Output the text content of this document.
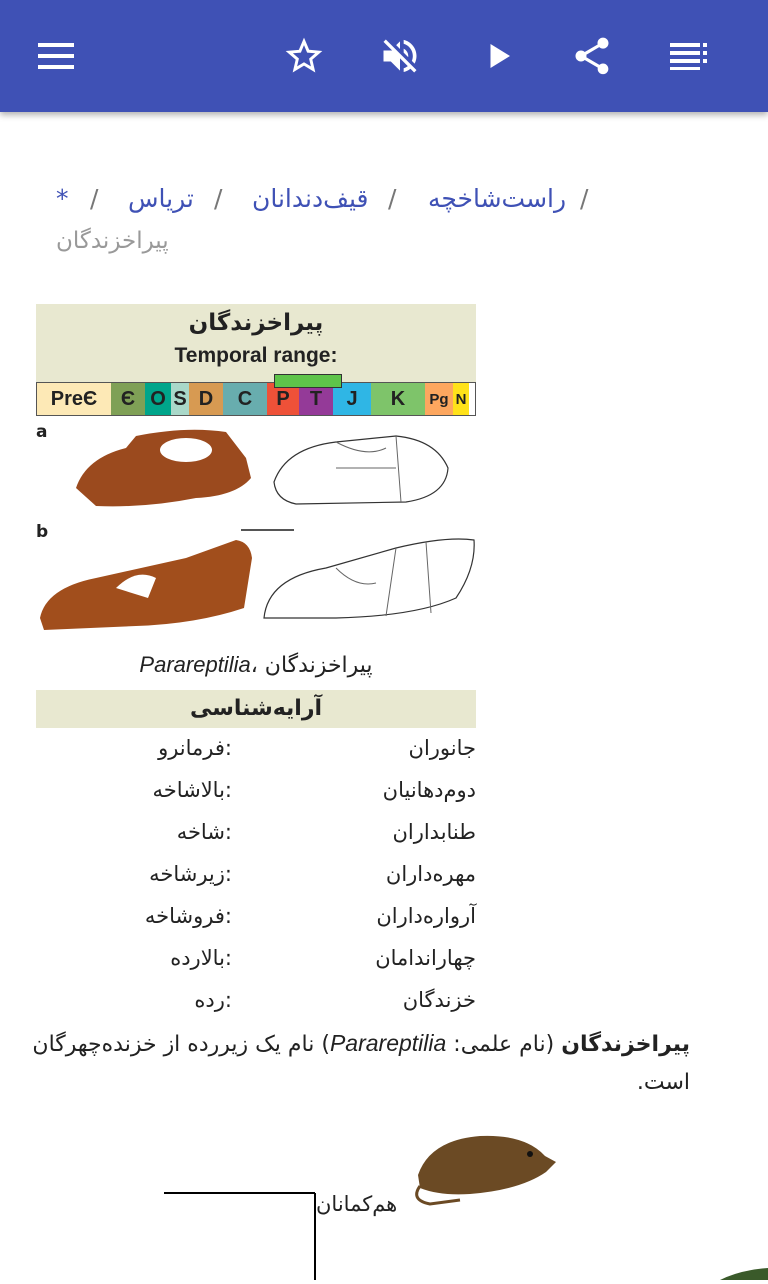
/
راست‌شاخچه
/
قیف‌دندانان
/
ترياس
/
*
پیراخزندگان
پیراخزندگان
Temporal range:
PreЄ	Є O S D	C	P	T	J	K	Pg N
a
b
Parareptilia، پیراخزندگان
آرایه‌شناسی
فرمانرو:	جانوران
بالاشاخه:	دوم‌دهانیان
شاخه:	طنابداران
زیرشاخه:	مهره‌داران
فروشاخه:	آرواره‌داران
بالارده:	چهاراندامان
رده:	خزندگان
پیراخزندگان (نام علمی: Parareptilia) نام یک زیررده از خزنده‌چهرگان است.
هم‌کمانان
